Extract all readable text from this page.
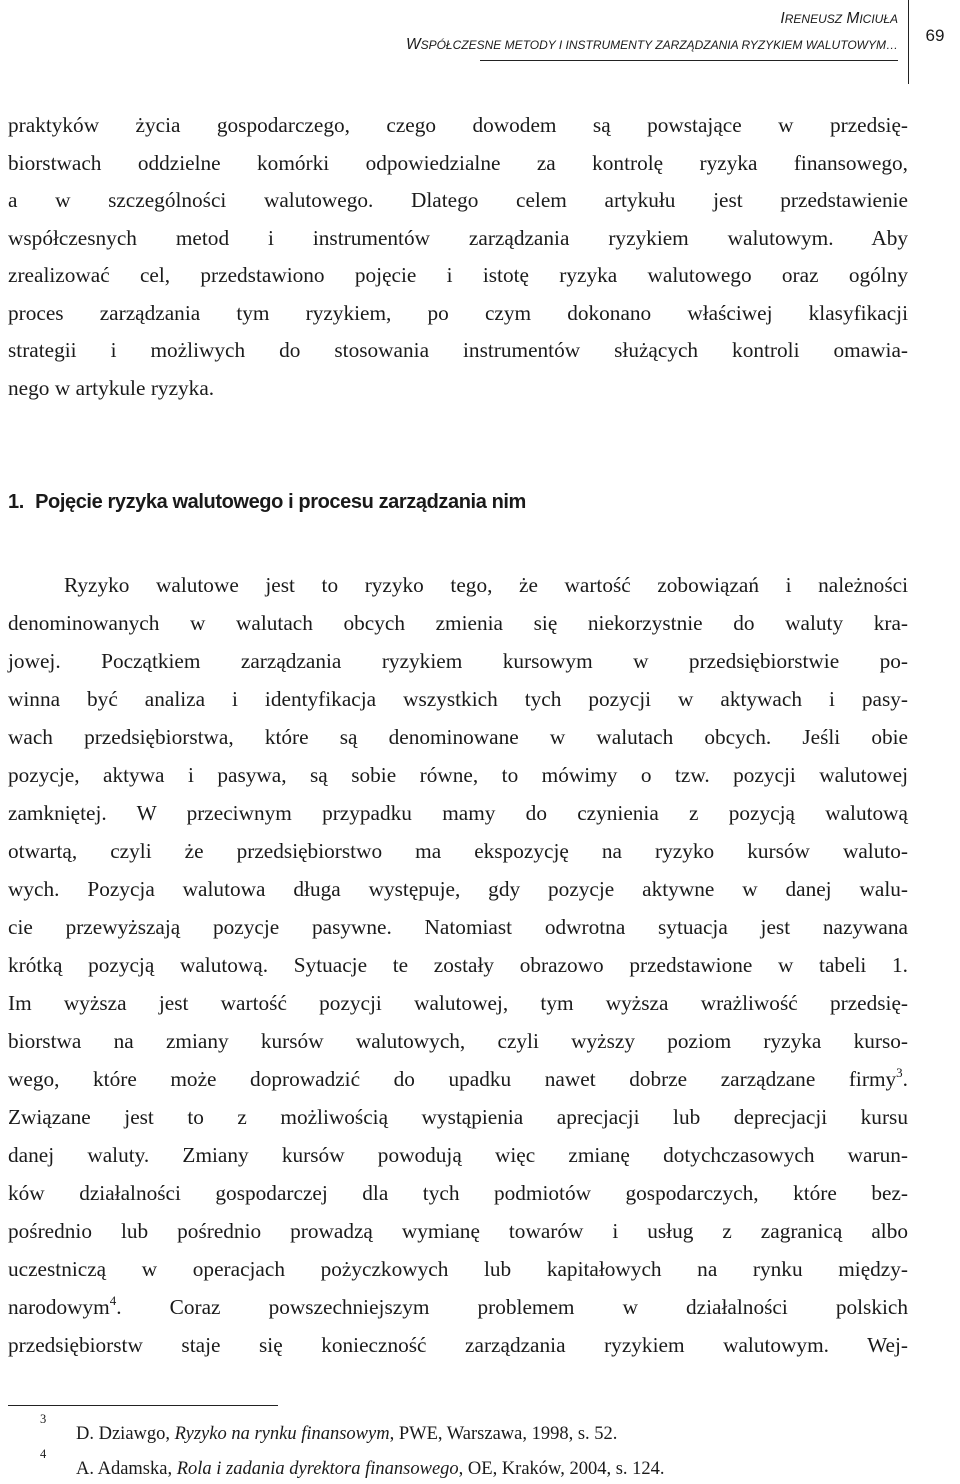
IRENEUSZ MICIUŁA
WSPÓŁCZESNE METODY I INSTRUMENTY ZARZĄDZANIA RYZYKIEM WALUTOWYM…	69
praktyków życia gospodarczego, czego dowodem są powstające w przedsię-
biorstwach oddzielne komórki odpowiedzialne za kontrolę ryzyka finansowego,
a w szczególności walutowego. Dlatego celem artykułu jest przedstawienie
współczesnych metod i instrumentów zarządzania ryzykiem walutowym. Aby
zrealizować cel, przedstawiono pojęcie i istotę ryzyka walutowego oraz ogólny
proces zarządzania tym ryzykiem, po czym dokonano właściwej klasyfikacji
strategii i możliwych do stosowania instrumentów służących kontroli omawia-
nego w artykule ryzyka.
1. Pojęcie ryzyka walutowego i procesu zarządzania nim
Ryzyko walutowe jest to ryzyko tego, że wartość zobowiązań i należności
denominowanych w walutach obcych zmienia się niekorzystnie do waluty kra-
jowej. Początkiem zarządzania ryzykiem kursowym w przedsiębiorstwie po-
winna być analiza i identyfikacja wszystkich tych pozycji w aktywach i pasy-
wach przedsiębiorstwa, które są denominowane w walutach obcych. Jeśli obie
pozycje, aktywa i pasywa, są sobie równe, to mówimy o tzw. pozycji walutowej
zamkniętej. W przeciwnym przypadku mamy do czynienia z pozycją walutową
otwartą, czyli że przedsiębiorstwo ma ekspozycję na ryzyko kursów waluto-
wych. Pozycja walutowa długa występuje, gdy pozycje aktywne w danej walu-
cie przewyższają pozycje pasywne. Natomiast odwrotna sytuacja jest nazywana
krótką pozycją walutową. Sytuacje te zostały obrazowo przedstawione w tabeli 1.
Im wyższa jest wartość pozycji walutowej, tym wyższa wrażliwość przedsię-
biorstwa na zmiany kursów walutowych, czyli wyższy poziom ryzyka kurso-
wego, które może doprowadzić do upadku nawet dobrze zarządzane firmy$^3$.
Związane jest to z możliwością wystąpienia aprecjacji lub deprecjacji kursu
danej waluty. Zmiany kursów powodują więc zmianę dotychczasowych warun-
ków działalności gospodarczej dla tych podmiotów gospodarczych, które bez-
pośrednio lub pośrednio prowadzą wymianę towarów i usług z zagranicą albo
uczestniczą w operacjach pożyczkowych lub kapitałowych na rynku między-
narodowym$^4$. Coraz powszechniejszym problemem w działalności polskich
przedsiębiorstw staje się konieczność zarządzania ryzykiem walutowym. Wej-
3
D. Dziawgo, Ryzyko na rynku finansowym, PWE, Warszawa, 1998, s. 52.
4
A. Adamska, Rola i zadania dyrektora finansowego, OE, Kraków, 2004, s. 124.
